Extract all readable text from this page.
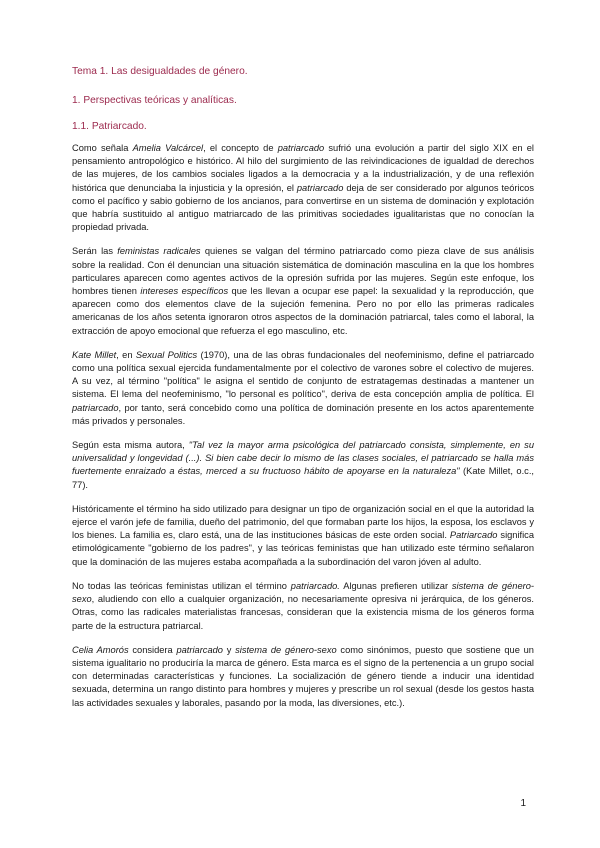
Tema 1. Las desigualdades de género.
1. Perspectivas teóricas y analíticas.
1.1. Patriarcado.

Como señala Amelia Valcárcel, el concepto de patriarcado sufrió una evolución a partir del siglo XIX en el pensamiento antropológico e histórico. Al hilo del surgimiento de las reivindicaciones de igualdad de derechos de las mujeres, de los cambios sociales ligados a la democracia y a la industrialización, y de una reflexión histórica que denunciaba la injusticia y la opresión, el patriarcado deja de ser considerado por algunos teóricos como el pacífico y sabio gobierno de los ancianos, para convertirse en un sistema de dominación y explotación que habría sustituido al antiguo matriarcado de las primitivas sociedades igualitaristas que no conocían la propiedad privada.

Serán las feministas radicales quienes se valgan del término patriarcado como pieza clave de sus análisis sobre la realidad. Con él denuncian una situación sistemática de dominación masculina en la que los hombres particulares aparecen como agentes activos de la opresión sufrida por las mujeres. Según este enfoque, los hombres tienen intereses específicos que les llevan a ocupar ese papel: la sexualidad y la reproducción, que aparecen como dos elementos clave de la sujeción femenina. Pero no por ello las primeras radicales americanas de los años setenta ignoraron otros aspectos de la dominación patriarcal, tales como el laboral, la extracción de apoyo emocional que refuerza el ego masculino, etc.

Kate Millet, en Sexual Politics (1970), una de las obras fundacionales del neofeminismo, define el patriarcado como una política sexual ejercida fundamentalmente por el colectivo de varones sobre el colectivo de mujeres. A su vez, al término "política" le asigna el sentido de conjunto de estratagemas destinadas a mantener un sistema. El lema del neofeminismo, "lo personal es político", deriva de esta concepción amplia de política. El patriarcado, por tanto, será concebido como una política de dominación presente en los actos aparentemente más privados y personales.

Según esta misma autora, "Tal vez la mayor arma psicológica del patriarcado consista, simplemente, en su universalidad y longevidad (...). Si bien cabe decir lo mismo de las clases sociales, el patriarcado se halla más fuertemente enraizado a éstas, merced a su fructuoso hábito de apoyarse en la naturaleza" (Kate Millet, o.c., 77).

Históricamente el término ha sido utilizado para designar un tipo de organización social en el que la autoridad la ejerce el varón jefe de familia, dueño del patrimonio, del que formaban parte los hijos, la esposa, los esclavos y los bienes. La familia es, claro está, una de las instituciones básicas de este orden social. Patriarcado significa etimológicamente "gobierno de los padres", y las teóricas feministas que han utilizado este término señalaron que la dominación de las mujeres estaba acompañada a la subordinación del varon jóven al adulto.

No todas las teóricas feministas utilizan el término patriarcado. Algunas prefieren utilizar sistema de género-sexo, aludiendo con ello a cualquier organización, no necesariamente opresiva ni jerárquica, de los géneros. Otras, como las radicales materialistas francesas, consideran que la existencia misma de los géneros forma parte de la estructura patriarcal.

Celia Amorós considera patriarcado y sistema de género-sexo como sinónimos, puesto que sostiene que un sistema igualitario no produciría la marca de género. Esta marca es el signo de la pertenencia a un grupo social con determinadas características y funciones. La socialización de género tiende a inducir una identidad sexuada, determina un rango distinto para hombres y mujeres y prescribe un rol sexual (desde los gestos hasta las actividades sexuales y laborales, pasando por la moda, las diversiones, etc.).

1
